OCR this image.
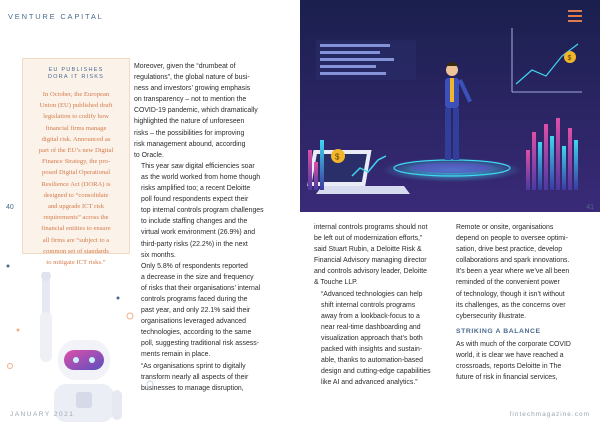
VENTURE CAPITAL
$
$
EU PUBLISHES
DORA IT RISKS
In October, the European
Union (EU) published draft
legislation to codify how
financial firms manage
digital risk. Announced as
part of the EU’s new Digital
Finance Strategy, the pro-
posed Digital Operational
Resilience Act (DORA) is
designed to “consolidate
and upgrade ICT risk
requirements” across the
financial entities to ensure
all firms are “subject to a
common set of standards
to mitigate ICT risks.”

Moreover, given the “drumbeat of
regulations”, the global nature of busi-
ness and investors’ growing emphasis
on transparency – not to mention the
COVID-19 pandemic, which dramatically
highlighted the nature of unforeseen
risks – the possibilities for improving
risk management abound, according
to Oracle.

This year saw digital efficiencies soar
as the world worked from home though
risks amplified too; a recent Deloitte
poll found respondents expect their
top internal controls program challenges
to include staffing changes and the
virtual work environment (26.9%) and
third-party risks (22.2%) in the next
six months.

Only 5.8% of respondents reported
a decrease in the size and frequency
of risks that their organisations’ internal
controls programs faced during the
past year, and only 22.1% said their
organisations leveraged advanced
technologies, according to the same
poll, suggesting traditional risk assess-
ments remain in place.

“As organisations sprint to digitally
transform nearly all aspects of their
businesses to manage disruption,

internal controls programs should not
be left out of modernization efforts,”
said Stuart Rubin, a Deloitte Risk &
Financial Advisory managing director
and controls advisory leader, Deloitte
& Touche LLP.

“Advanced technologies can help
shift internal controls programs
away from a lookback-focus to a
near real-time dashboarding and
visualization approach that’s both
packed with insights and sustain-
able, thanks to automation-based
design and cutting-edge capabilities
like AI and advanced analytics.”

Remote or onsite, organisations
depend on people to oversee optimi-
sation, drive best practice, develop
collaborations and spark innovations.
It’s been a year where we’ve all been
reminded of the convenient power
of technology, though it isn’t without
its challenges, as the concerns over
cybersecurity illustrate.

STRIKING A BALANCE

As with much of the corporate COVID
world, it is clear we have reached a
crossroads, reports Deloitte in The
future of risk in financial services,

40	41
JANUARY 2021	fintechmagazine.com
